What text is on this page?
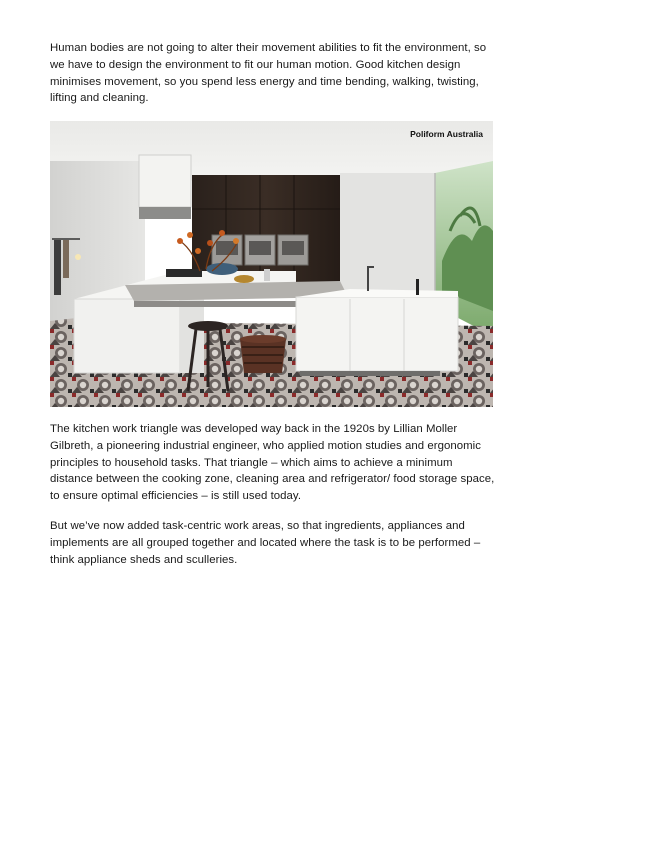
Human bodies are not going to alter their movement abilities to fit the environment, so we have to design the environment to fit our human motion. Good kitchen design minimises movement, so you spend less energy and time bending, walking, twisting, lifting and cleaning.

Poliform Australia

The kitchen work triangle was developed way back in the 1920s by Lillian Moller Gilbreth, a pioneering industrial engineer, who applied motion studies and ergonomic principles to household tasks. That triangle – which aims to achieve a minimum distance between the cooking zone, cleaning area and refrigerator/ food storage space, to ensure optimal efficiencies – is still used today.

But we’ve now added task-centric work areas, so that ingredients, appliances and implements are all grouped together and located where the task is to be performed – think appliance sheds and sculleries.
